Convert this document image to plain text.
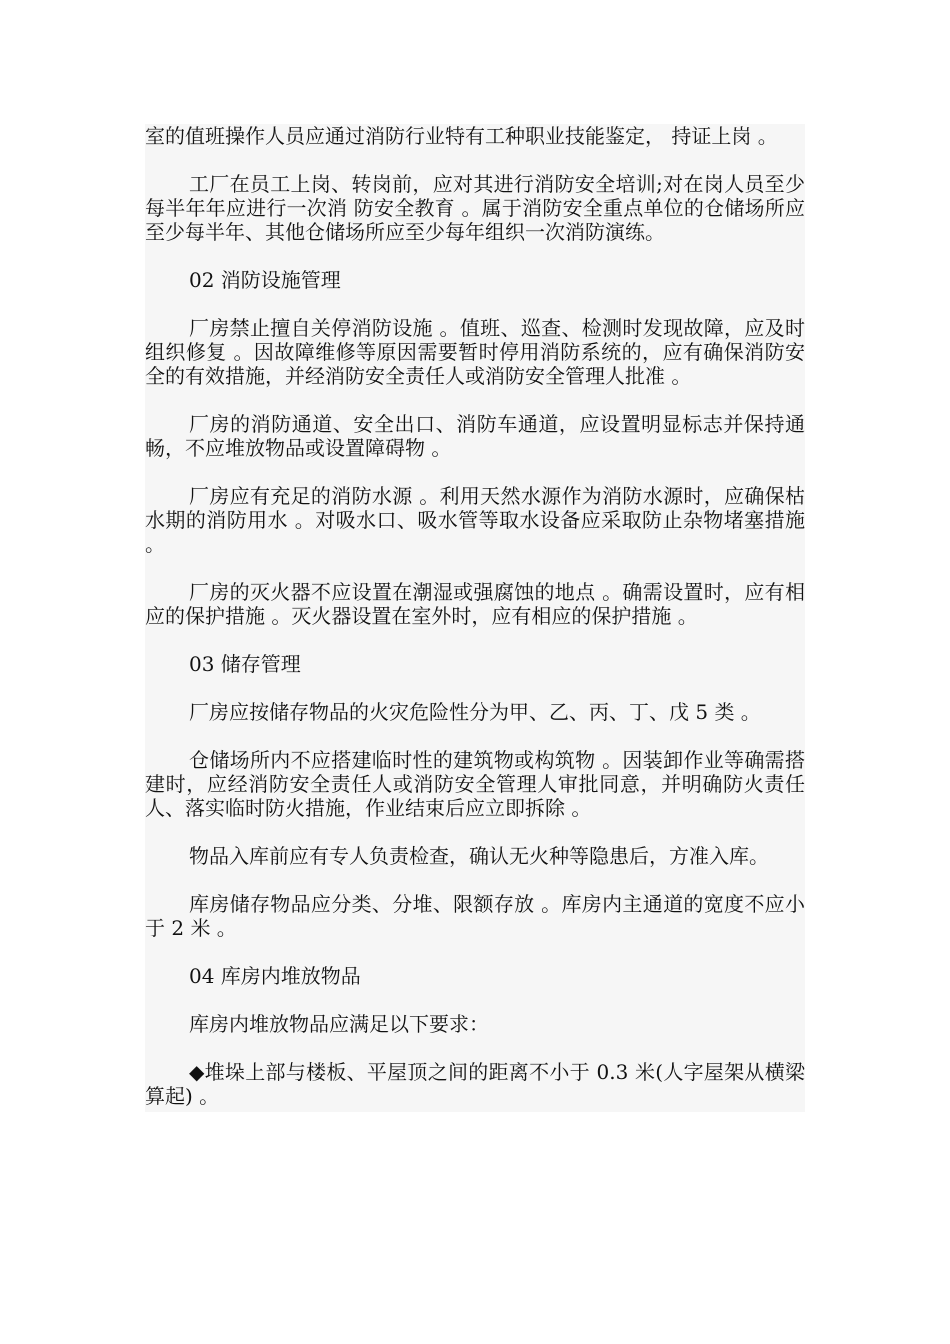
室的值班操作人员应通过消防行业特有工种职业技能鉴定， 持证上岗 。

工厂在员工上岗、转岗前，应对其进行消防安全培训;对在岗人员至少每半年年应进行一次消 防安全教育 。属于消防安全重点单位的仓储场所应至少每半年、其他仓储场所应至少每年组织一次消防演练。

02 消防设施管理

厂房禁止擅自关停消防设施 。值班、巡查、检测时发现故障，应及时组织修复 。因故障维修等原因需要暂时停用消防系统的，应有确保消防安全的有效措施，并经消防安全责任人或消防安全管理人批准 。

厂房的消防通道、安全出口、消防车通道，应设置明显标志并保持通畅，不应堆放物品或设置障碍物 。

厂房应有充足的消防水源 。利用天然水源作为消防水源时，应确保枯水期的消防用水 。对吸水口、吸水管等取水设备应采取防止杂物堵塞措施 。

厂房的灭火器不应设置在潮湿或强腐蚀的地点 。确需设置时，应有相应的保护措施 。灭火器设置在室外时，应有相应的保护措施 。

03 储存管理

厂房应按储存物品的火灾危险性分为甲、乙、丙、丁、戊 5 类 。

仓储场所内不应搭建临时性的建筑物或构筑物 。因装卸作业等确需搭建时，应经消防安全责任人或消防安全管理人审批同意，并明确防火责任人、落实临时防火措施，作业结束后应立即拆除 。

物品入库前应有专人负责检查，确认无火种等隐患后，方准入库。

库房储存物品应分类、分堆、限额存放 。库房内主通道的宽度不应小于 2 米 。

04 库房内堆放物品

库房内堆放物品应满足以下要求：

◆堆垛上部与楼板、平屋顶之间的距离不小于 0.3 米(人字屋架从横梁算起) 。
